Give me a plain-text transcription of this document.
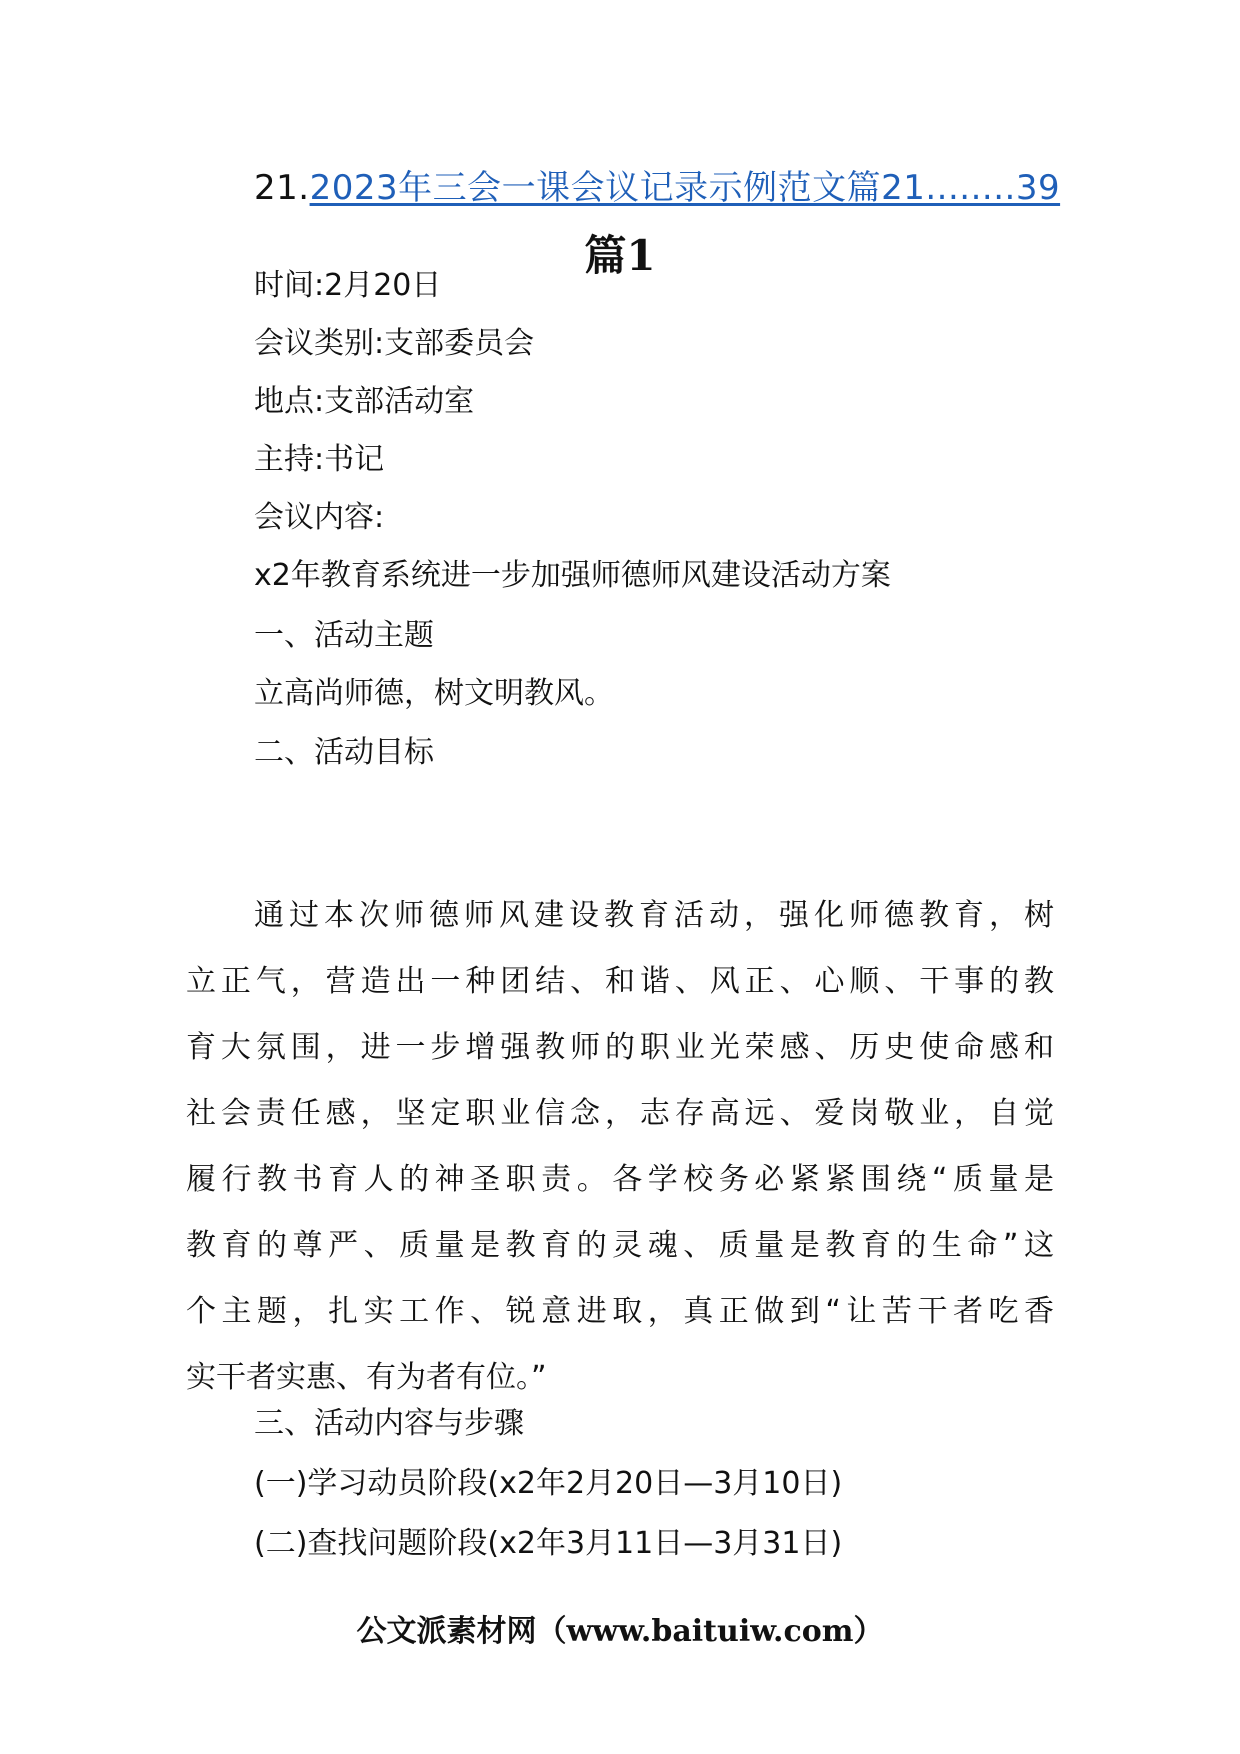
21.2023年三会一课会议记录示例范文篇21........39
篇1
时间:2月20日
会议类别:支部委员会
地点:支部活动室
主持:书记
会议内容:
x2年教育系统进一步加强师德师风建设活动方案
一、活动主题
立高尚师德，树文明教风。
二、活动目标
通过本次师德师风建设教育活动，强化师德教育，树
立正气，营造出一种团结、和谐、风正、心顺、干事的教
育大氛围，进一步增强教师的职业光荣感、历史使命感和
社会责任感，坚定职业信念，志存高远、爱岗敬业，自觉
履行教书育人的神圣职责。各学校务必紧紧围绕“质量是
教育的尊严、质量是教育的灵魂、质量是教育的生命”这
个主题，扎实工作、锐意进取，真正做到“让苦干者吃香
实干者实惠、有为者有位。”
三、活动内容与步骤
(一)学习动员阶段(x2年2月20日—3月10日)
(二)查找问题阶段(x2年3月11日—3月31日)
公文派素材网（www.baituiw.com）
